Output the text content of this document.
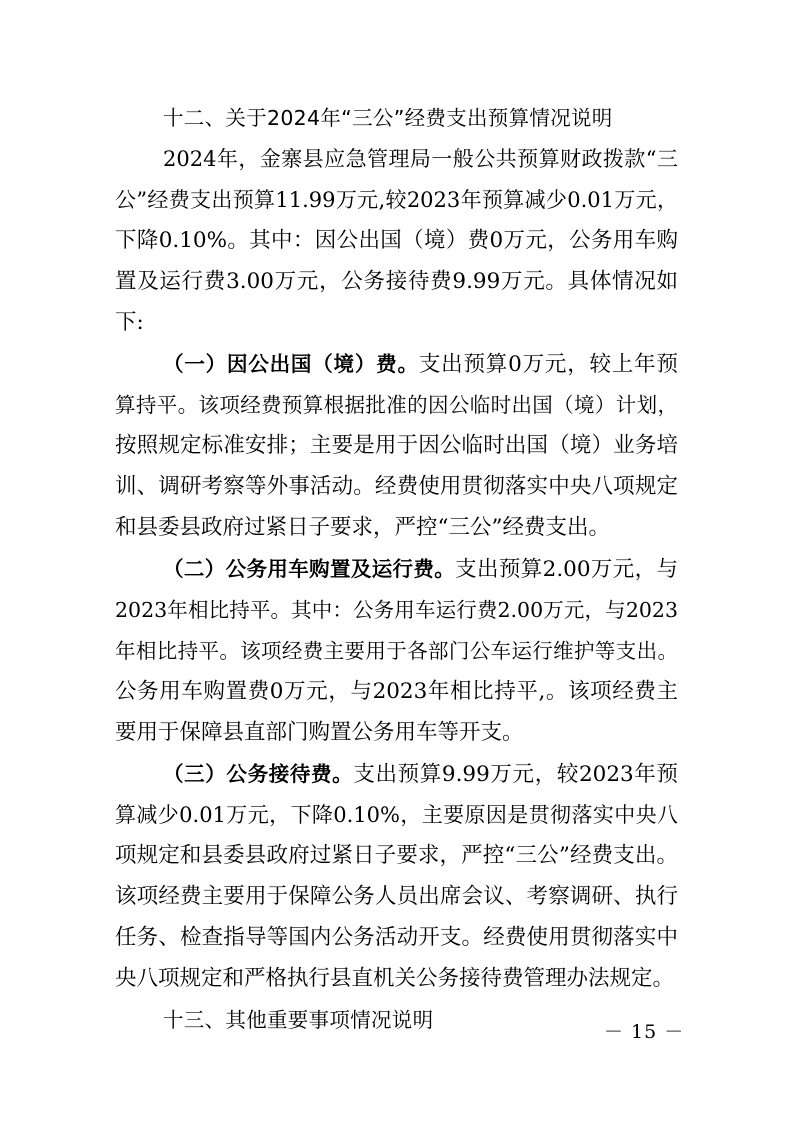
十二、关于2024年“三公”经费支出预算情况说明
2024年，金寨县应急管理局一般公共预算财政拨款“三
公”经费支出预算11.99万元,较2023年预算减少0.01万元，
下降0.10%。其中：因公出国（境）费0万元，公务用车购
置及运行费3.00万元，公务接待费9.99万元。具体情况如
下:
（一）因公出国（境）费。支出预算0万元，较上年预
算持平。该项经费预算根据批准的因公临时出国（境）计划，
按照规定标准安排；主要是用于因公临时出国（境）业务培
训、调研考察等外事活动。经费使用贯彻落实中央八项规定
和县委县政府过紧日子要求，严控“三公”经费支出。
（二）公务用车购置及运行费。支出预算2.00万元，与
2023年相比持平。其中：公务用车运行费2.00万元，与2023
年相比持平。该项经费主要用于各部门公车运行维护等支出。
公务用车购置费0万元，与2023年相比持平,。该项经费主
要用于保障县直部门购置公务用车等开支。
（三）公务接待费。支出预算9.99万元，较2023年预
算减少0.01万元，下降0.10%，主要原因是贯彻落实中央八
项规定和县委县政府过紧日子要求，严控“三公”经费支出。
该项经费主要用于保障公务人员出席会议、考察调研、执行
任务、检查指导等国内公务活动开支。经费使用贯彻落实中
央八项规定和严格执行县直机关公务接待费管理办法规定。
十三、其他重要事项情况说明	－ 15 －
